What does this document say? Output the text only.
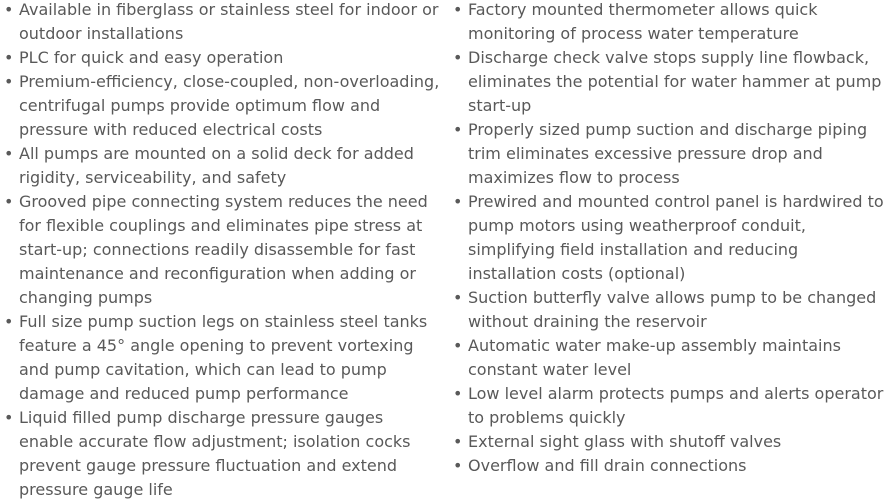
• Available in fiberglass or stainless steel for indoor or outdoor installations
• PLC for quick and easy operation
• Premium-efficiency, close-coupled, non-overloading, centrifugal pumps provide optimum flow and pressure with reduced electrical costs
• All pumps are mounted on a solid deck for added rigidity, serviceability, and safety
• Grooved pipe connecting system reduces the need for flexible couplings and eliminates pipe stress at start-up; connections readily disassemble for fast maintenance and reconfiguration when adding or changing pumps
• Full size pump suction legs on stainless steel tanks feature a 45° angle opening to prevent vortexing and pump cavitation, which can lead to pump damage and reduced pump performance
• Liquid filled pump discharge pressure gauges enable accurate flow adjustment; isolation cocks prevent gauge pressure fluctuation and extend pressure gauge life
• Factory mounted thermometer allows quick monitoring of process water temperature
• Discharge check valve stops supply line flowback, eliminates the potential for water hammer at pump start-up
• Properly sized pump suction and discharge piping trim eliminates excessive pressure drop and maximizes flow to process
• Prewired and mounted control panel is hardwired to pump motors using weatherproof conduit, simplifying field installation and reducing installation costs (optional)
• Suction butterfly valve allows pump to be changed without draining the reservoir
• Automatic water make-up assembly maintains constant water level
• Low level alarm protects pumps and alerts operator to problems quickly
• External sight glass with shutoff valves
• Overflow and fill drain connections
